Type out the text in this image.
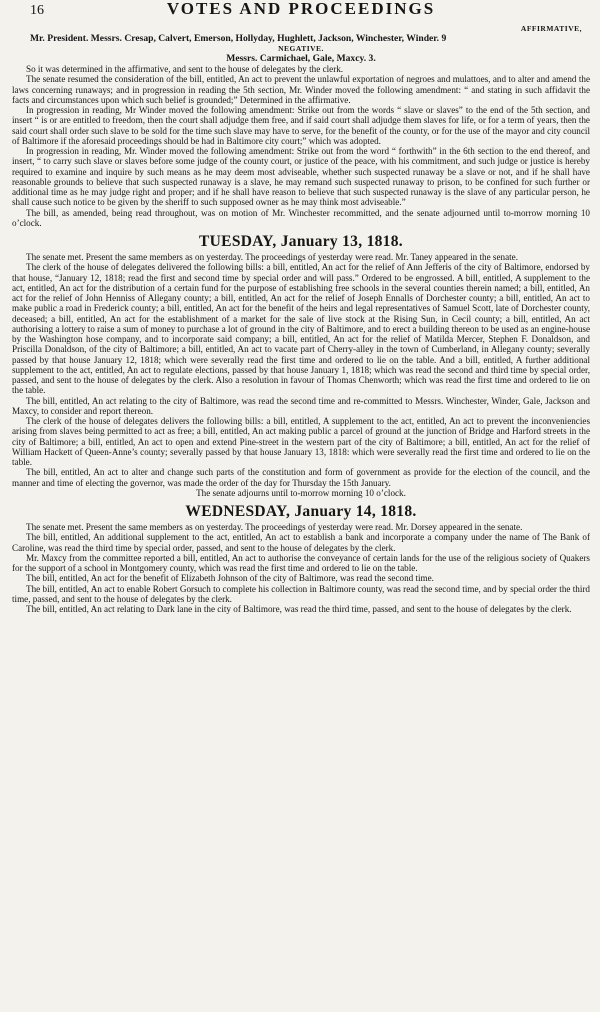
16	VOTES AND PROCEEDINGS
AFFIRMATIVE,
Mr. President. Messrs. Cresap, Calvert, Emerson, Hollyday, Hughlett, Jackson, Winchester, Winder. 9
NEGATIVE.
Messrs. Carmichael, Gale, Maxcy. 3.

So it was determined in the affirmative, and sent to the house of delegates by the clerk.

The senate resumed the consideration of the bill, entitled, An act to prevent the unlawful exportation of negroes and mulattoes, and to alter and amend the laws concerning runaways; and in progression in reading the 5th section, Mr. Winder moved the following amendment: “ and stating in such affidavit the facts and circumstances upon which such belief is grounded;” Determined in the affirmative.

In progression in reading, Mr Winder moved the following amendment: Strike out from the words “ slave or slaves” to the end of the 5th section, and insert “ is or are entitled to freedom, then the court shall adjudge them free, and if said court shall adjudge them slaves for life, or for a term of years, then the said court shall order such slave to be sold for the time such slave may have to serve, for the benefit of the county, or for the use of the mayor and city council of Baltimore if the aforesaid proceedings should be had in Baltimore city court;” which was adopted.

In progression in reading, Mr. Winder moved the following amendment: Strike out from the word “ forthwith” in the 6th section to the end thereof, and insert, “ to carry such slave or slaves before some judge of the county court, or justice of the peace, with his commitment, and such judge or justice is hereby required to examine and inquire by such means as he may deem most adviseable, whether such suspected runaway be a slave or not, and if he shall have reasonable grounds to believe that such suspected runaway is a slave, he may remand such suspected runaway to prison, to be confined for such further or additional time as he may judge right and proper; and if he shall have reason to believe that such suspected runaway is the slave of any particular person, he shall cause such notice to be given by the sheriff to such supposed owner as he may think most adviseable.”

The bill, as amended, being read throughout, was on motion of Mr. Winchester recommitted, and the senate adjourned until to-morrow morning 10 o’clock.

TUESDAY, January 13, 1818.

The senate met. Present the same members as on yesterday. The proceedings of yesterday were read. Mr. Taney appeared in the senate.

The clerk of the house of delegates delivered the following bills: a bill, entitled, An act for the relief of Ann Jefferis of the city of Baltimore, endorsed by that house, “January 12, 1818; read the first and second time by special order and will pass.” Ordered to be engrossed. A bill, entitled, A supplement to the act, entitled, An act for the distribution of a certain fund for the purpose of establishing free schools in the several counties therein named; a bill, entitled, An act for the relief of John Henniss of Allegany county; a bill, entitled, An act for the relief of Joseph Ennalls of Dorchester county; a bill, entitled, An act to make public a road in Frederick county; a bill, entitled, An act for the benefit of the heirs and legal representatives of Samuel Scott, late of Dorchester county, deceased; a bill, entitled, An act for the establishment of a market for the sale of live stock at the Rising Sun, in Cecil county; a bill, entitled, An act authorising a lottery to raise a sum of money to purchase a lot of ground in the city of Baltimore, and to erect a building thereon to be used as an engine-house by the Washington hose company, and to incorporate said company; a bill, entitled, An act for the relief of Matilda Mercer, Stephen F. Donaldson, and Priscilla Donaldson, of the city of Baltimore; a bill, entitled, An act to vacate part of Cherry-alley in the town of Cumberland, in Allegany county; severally passed by that house January 12, 1818; which were severally read the first time and ordered to lie on the table. And a bill, entitled, A further additional supplement to the act, entitled, An act to regulate elections, passed by that house January 1, 1818; which was read the second and third time by special order, passed, and sent to the house of delegates by the clerk. Also a resolution in favour of Thomas Chenworth; which was read the first time and ordered to lie on the table.

The bill, entitled, An act relating to the city of Baltimore, was read the second time and re-committed to Messrs. Winchester, Winder, Gale, Jackson and Maxcy, to consider and report thereon.

The clerk of the house of delegates delivers the following bills: a bill, entitled, A supplement to the act, entitled, An act to prevent the inconveniencies arising from slaves being permitted to act as free; a bill, entitled, An act making public a parcel of ground at the junction of Bridge and Harford streets in the city of Baltimore; a bill, entitled, An act to open and extend Pine-street in the western part of the city of Baltimore; a bill, entitled, An act for the relief of William Hackett of Queen-Anne’s county; severally passed by that house January 13, 1818: which were severally read the first time and ordered to lie on the table.

The bill, entitled, An act to alter and change such parts of the constitution and form of government as provide for the election of the council, and the manner and time of electing the governor, was made the order of the day for Thursday the 15th January.

The senate adjourns until to-morrow morning 10 o’clock.

WEDNESDAY, January 14, 1818.

The senate met. Present the same members as on yesterday. The proceedings of yesterday were read. Mr. Dorsey appeared in the senate.

The bill, entitled, An additional supplement to the act, entitled, An act to establish a bank and incorporate a company under the name of The Bank of Caroline, was read the third time by special order, passed, and sent to the house of delegates by the clerk.

Mr. Maxcy from the committee reported a bill, entitled, An act to authorise the conveyance of certain lands for the use of the religious society of Quakers for the support of a school in Montgomery county, which was read the first time and ordered to lie on the table.

The bill, entitled, An act for the benefit of Elizabeth Johnson of the city of Baltimore, was read the second time.

The bill, entitled, An act to enable Robert Gorsuch to complete his collection in Baltimore county, was read the second time, and by special order the third time, passed, and sent to the house of delegates by the clerk.

The bill, entitled, An act relating to Dark lane in the city of Baltimore, was read the third time, passed, and sent to the house of delegates by the clerk.
